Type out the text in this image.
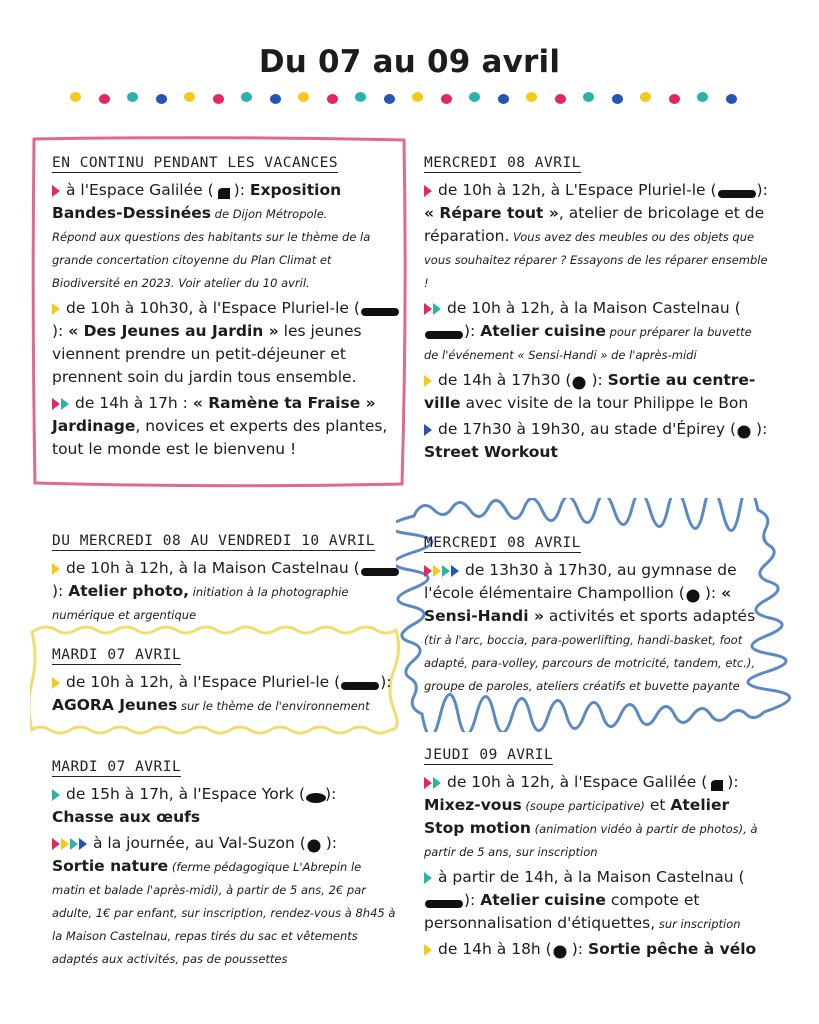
Du 07 au 09 avril
EN CONTINU PENDANT LES VACANCES
à l'Espace Galilée ( ): Exposition Bandes-Dessinées de Dijon Métropole.
Répond aux questions des habitants sur le thème de la grande concertation citoyenne du Plan Climat et Biodiversité en 2023. Voir atelier du 10 avril.
de 10h à 10h30, à l'Espace Pluriel-le (): « Des Jeunes au Jardin » les jeunes viennent prendre un petit-déjeuner et prennent soin du jardin tous ensemble.
de 14h à 17h : « Ramène ta Fraise » Jardinage, novices et experts des plantes, tout le monde est le bienvenu !
DU MERCREDI 08 AU VENDREDI 10 AVRIL
de 10h à 12h, à la Maison Castelnau (): Atelier photo, initiation à la photographie numérique et argentique
MARDI 07 AVRIL
de 10h à 12h, à l'Espace Pluriel-le (	): AGORA Jeunes sur le thème de l'environnement
MARDI 07 AVRIL
de 15h à 17h, à l'Espace York ( ):
Chasse aux œufs
à la journée, au Val-Suzon ( ):
Sortie nature (ferme pédagogique L'Abrepin le matin et balade l'après-midi), à partir de 5 ans, 2€ par adulte, 1€ par enfant, sur inscription, rendez-vous à 8h45 à la Maison Castelnau, repas tirés du sac et vêtements adaptés aux activités, pas de poussettes
MERCREDI 08 AVRIL
de 10h à 12h, à L'Espace Pluriel-le (	): « Répare tout », atelier de bricolage et de réparation. Vous avez des meubles ou des objets que vous souhaitez réparer ? Essayons de les réparer ensemble !
de 10h à 12h, à la Maison Castelnau (): Atelier cuisine pour préparer la buvette de l'événement « Sensi-Handi » de l'après-midi
de 14h à 17h30 ( ): Sortie au centre-ville avec visite de la tour Philippe le Bon
de 17h30 à 19h30, au stade d'Épirey ( ): Street Workout
MERCREDI 08 AVRIL
de 13h30 à 17h30, au gymnase de l'école élémentaire Champollion ( ): « Sensi-Handi » activités et sports adaptés (tir à l'arc, boccia, para-powerlifting, handi-basket, foot adapté, para-volley, parcours de motricité, tandem, etc.), groupe de paroles, ateliers créatifs et buvette payante
JEUDI 09 AVRIL
de 10h à 12h, à l'Espace Galilée ( ): Mixez-vous (soupe participative) et Atelier Stop motion (animation vidéo à partir de photos), à partir de 5 ans, sur inscription
à partir de 14h, à la Maison Castelnau (): Atelier cuisine compote et personnalisation d'étiquettes, sur inscription
de 14h à 18h ( ): Sortie pêche à vélo
